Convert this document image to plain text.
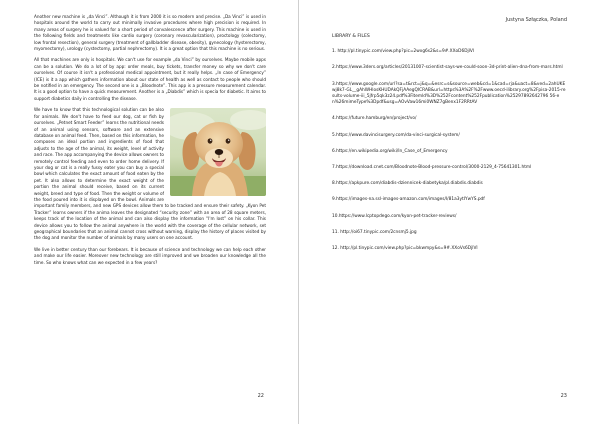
Another new machine is „da Vinci”. Although it is from 2000 it is so modern and precise. „Da Vinci” is used in hospitals around the world to carry out minimally invasive procedures where high precision is required. In many areas of surgery he is valued for a short period of convalescence after surgery. This machine is used in the following fields and treatments like cardio surgery (coronary revascularization), proctology (colectomy, low frontal resection), general surgery (treatment of gallbladder disease, obesity), gynecology (hysterectomy, myomectomy), urology (cystectomy, partial nephrectomy). It is a great option that this machine is no serious.

All that machines are only is hospitals. We can't use for example „da Vinci” by ourselves. Maybe mobile apps can be a solution. We do a lot of by app: order meals, buy tickets, transfer money so why we don't care ourselves. Of course it isn't a professional medical appointment, but it really helps. „In case of Emergency” (ICE) is it a app which gathers information about our state of health as well as contact to people who should be notified in an emergency. The second one is a „Bloodnote”. This app is a pressure measurement calendar. It is a good option to have a quick measurement. Another is a „Diabdis” which is specia for diabetic. It aims to support diabetics daily in controlling the disease.

We have to know that this technological solution can be also for animals. We don't have to feed our dog, cat or fish by ourselves. „Petnet Smart Feeder” learns the nutritional needs of an animal using sensors, software and an extensive database on animal feed. Then, based on this information, he composes an ideal portion and ingredients of food that adjusts to the age of the animal, its weight, level of activity and race. The app accompanying the device allows owners to remotely control feeding and even to order home delivery. If your dog or cat is a really fussy eater you can buy a special bowl which calculates the exact amount of food eaten by the pet. It also allows to determine the exact weight of the portion the animal should receive, based on its current weight, breed and type of food. Then the weight or volume of the food poured into it is displayed on the bowl. Animals are important family members, and new GPS devices allow them to be tracked and ensure their safety. „Kyon Pet Tracker” learns owners if the anima leaves the designated “security zone” with an area of 28 square meters, keeps track of the location of the animal and can also display the information “I'm lost” on his collar. This device allows you to follow the animal anywhere in the world with the coverage of the cellular network, set geographical boundaries that an animal cannot cross without warning, display the history of places visited by the dog and monitor the number of animals by many users on one account.

We live in better century than our forebears. It is because of science and technology we can help each other and make our life easier. Moreover new technology are still improved and we broaden our knowledge all the time. So who knows what can we expected in a few years?

22
Justyna Szłączka, Poland
LIBRARY & FILES
1. http://pl.tinypic.com/view.php?pic=2wxg6s2&s=9#.XXoD6DjlVl
2.https://www.3ders.org/articles/20131007-scientist-says-we-could-soon-3d-print-alien-dna-from-mars.html
3.https://www.google.com/url?sa=t&rct=j&q=&esrc=s&source=web&cd=1&cad=rja&uact=8&ved=2ahUKEwj8k7-GL__gAhWHlosKHUDAkQFjAAegQICRAB&url=https%3A%2F%2Fwww.oecd-ilibrary.org%2Fpisa-2015-results-volume-iii_5jfrp5qk3z24.pdf%3Fitemld%3D%252Fcontent%252Fpublication%25297892642796 56-en%26mimeType%3Dpdf&usg=AOvVaw16mi0WNZ7gBenx1F2RRtAV
4.https://future.hamburg/en/project/vo/
5.https://www.davincisurgery.com/da-vinci-surgical-system/
6.https://en.wikipedia.org/wiki/In_Case_of_Emergency
7.https://download.cnet.com/Bloodnote-Blood-pressure-control/3000-2129_4-75641301.html
8.https://apkpure.com/diabdis-dziennicek-diabetyka/pl.diabdis.diabdis
9.https://images-na.ssl-images-amazon.com/images/I/81a3ytIYwYS.pdf
10.https://www.lcptopdego.com/kyon-pet-tracker-reviews/
11. http://oi67.tinypic.com/2cnsmj5.jpg
12. http://pl.tinypic.com/view.php?pic=bkwmpy&s=9#.XXoVs6DjlVl
23
